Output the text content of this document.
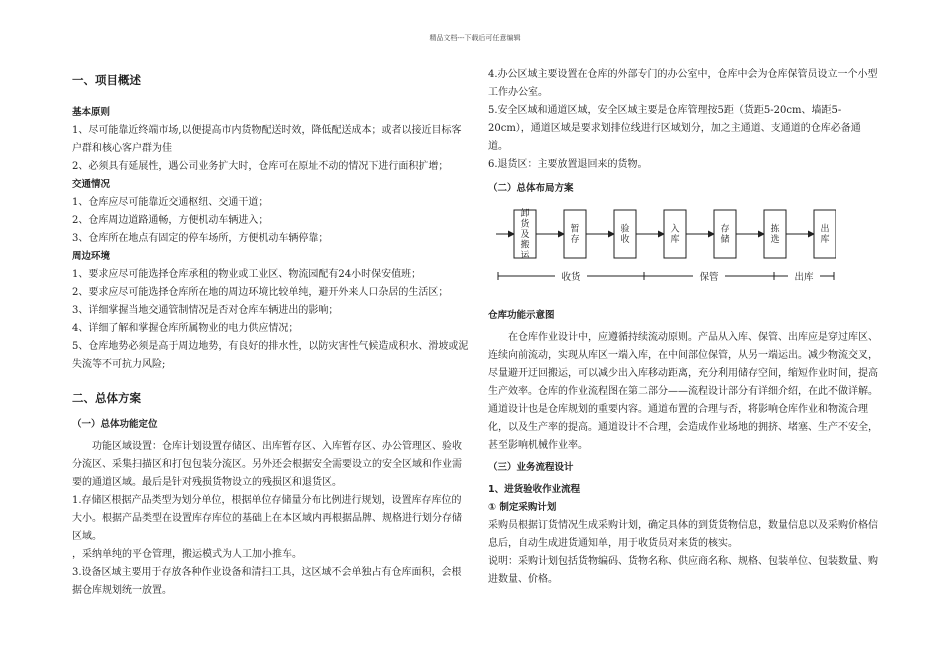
精品文档---下载后可任意编辑
一、项目概述
基本原则

1、尽可能靠近终端市场,以便提高市内货物配送时效，降低配送成本；或者以接近目标客户群和核心客户群为佳

2、必须具有延展性，遇公司业务扩大时，仓库可在原址不动的情况下进行面积扩增；

交通情况

1、仓库应尽可能靠近交通枢纽、交通干道；

2、仓库周边道路通畅，方便机动车辆进入；

3、仓库所在地点有固定的停车场所，方便机动车辆停靠；

周边环境

1、要求应尽可能选择仓库承租的物业或工业区、物流园配有24小时保安值班；

2、要求应尽可能选择仓库所在地的周边环境比较单纯，避开外来人口杂居的生活区；

3、详细掌握当地交通管制情况是否对仓库车辆进出的影响；

4、详细了解和掌握仓库所属物业的电力供应情况；

5、仓库地势必须是高于周边地势，有良好的排水性，以防灾害性气候造成积水、滑坡或泥失流等不可抗力风险;

二、总体方案
（一）总体功能定位

功能区域设置：仓库计划设置存储区、出库暂存区、入库暂存区、办公管理区、验收分流区、采集扫描区和打包包装分流区。另外还会根据安全需要设立的安全区域和作业需要的通道区域。最后是针对残损货物设立的残损区和退货区。

1.存储区根据产品类型为划分单位，根据单位存储量分布比例进行规划，设置库存库位的大小。根据产品类型在设置库存库位的基础上在本区域内再根据品牌、规格进行划分存储区域。

，采纳单纯的平仓管理，搬运模式为人工加小推车。

3.设备区域主要用于存放各种作业设备和清扫工具，这区域不会单独占有仓库面积，会根据仓库规划统一放置。

4.办公区域主要设置在仓库的外部专门的办公室中，仓库中会为仓库保管员设立一个小型工作办公室。

5.安全区域和通道区域，安全区域主要是仓库管理按5距（货距5-20cm、墙距5-20cm），通道区域是要求划排位线进行区域划分，加之主通道、支通道的仓库必备通道。

6.退货区：主要放置退回来的货物。

（二）总体布局方案
卸
货
及
搬
运
暂
存
验
收
入
库
存
储
拣
选
出
库
收货	保管	出库
仓库功能示意图

在仓库作业设计中，应遵循持续流动原则。产品从入库、保管、出库应是穿过库区、连续向前流动，实现从库区一端入库，在中间部位保管，从另一端运出。减少物流交叉，尽量避开迂回搬运，可以减少出入库移动距离，充分利用储存空间，缩短作业时间，提高生产效率。仓库的作业流程图在第二部分——流程设计部分有详细介绍，在此不做详解。通道设计也是仓库规划的重要内容。通道布置的合理与否，将影响仓库作业和物流合理化，以及生产率的提高。通道设计不合理，会造成作业场地的拥挤、堵塞、生产不安全，甚至影响机械作业率。

（三）业务流程设计
1、进货验收作业流程
① 制定采购计划

采购员根据订货情况生成采购计划，确定具体的到货货物信息，数量信息以及采购价格信息后，自动生成进货通知单，用于收货员对来货的核实。

说明：采购计划包括货物编码、货物名称、供应商名称、规格、包装单位、包装数量、购进数量、价格。
